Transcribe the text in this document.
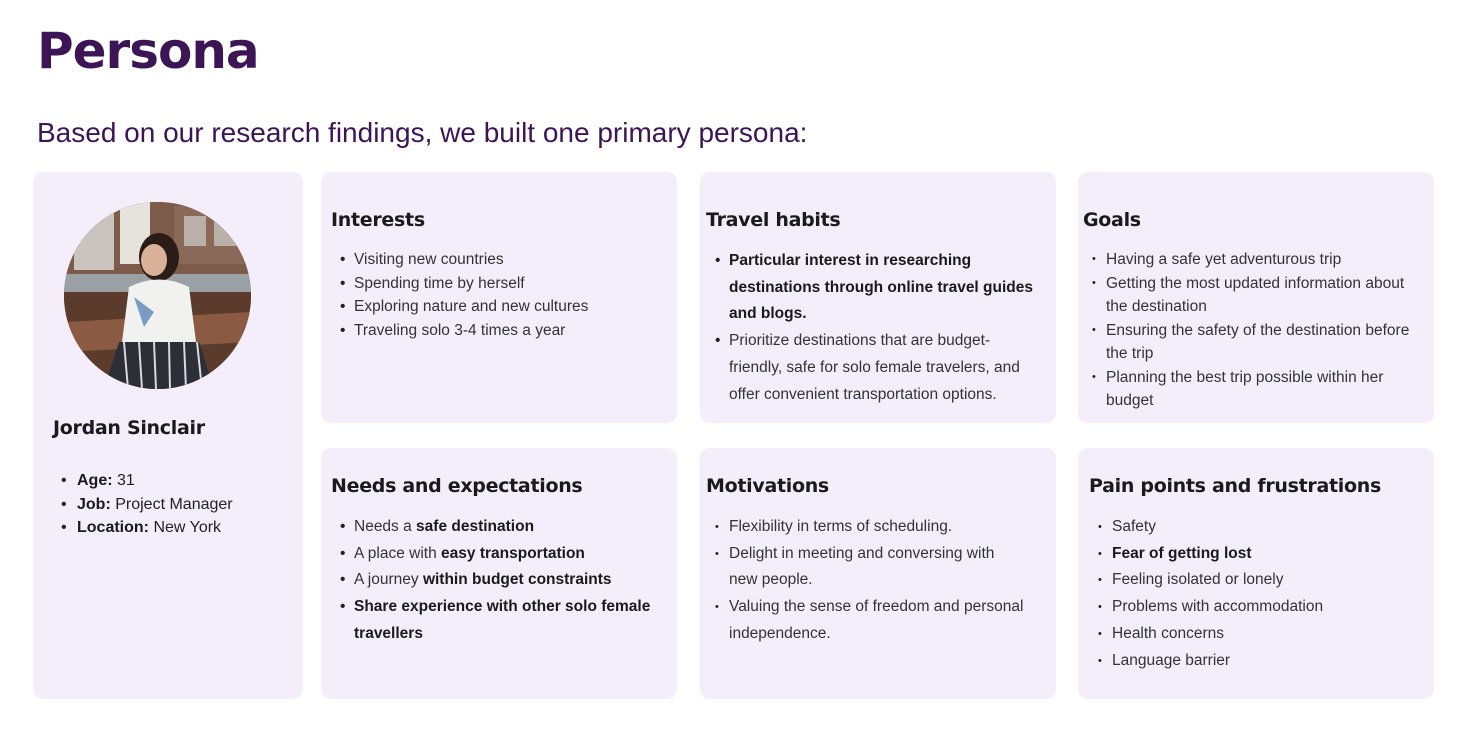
Persona
Based on our research findings, we built one primary persona:
Jordan Sinclair
• Age: 31
• Job: Project Manager
• Location: New York
Interests
• Visiting new countries
• Spending time by herself
• Exploring nature and new cultures
• Traveling solo 3-4 times a year
Travel habits
• Particular interest in researching destinations through online travel guides and blogs.
• Prioritize destinations that are budget-friendly, safe for solo female travelers, and offer convenient transportation options.
Goals
• Having a safe yet adventurous trip
• Getting the most updated information about the destination
• Ensuring the safety of the destination before the trip
• Planning the best trip possible within her budget
Needs and expectations
• Needs a safe destination
• A place with easy transportation
• A journey within budget constraints
• Share experience with other solo female travellers
Motivations
• Flexibility in terms of scheduling.
• Delight in meeting and conversing with new people.
• Valuing the sense of freedom and personal independence.
Pain points and frustrations
• Safety
• Fear of getting lost
• Feeling isolated or lonely
• Problems with accommodation
• Health concerns
• Language barrier
